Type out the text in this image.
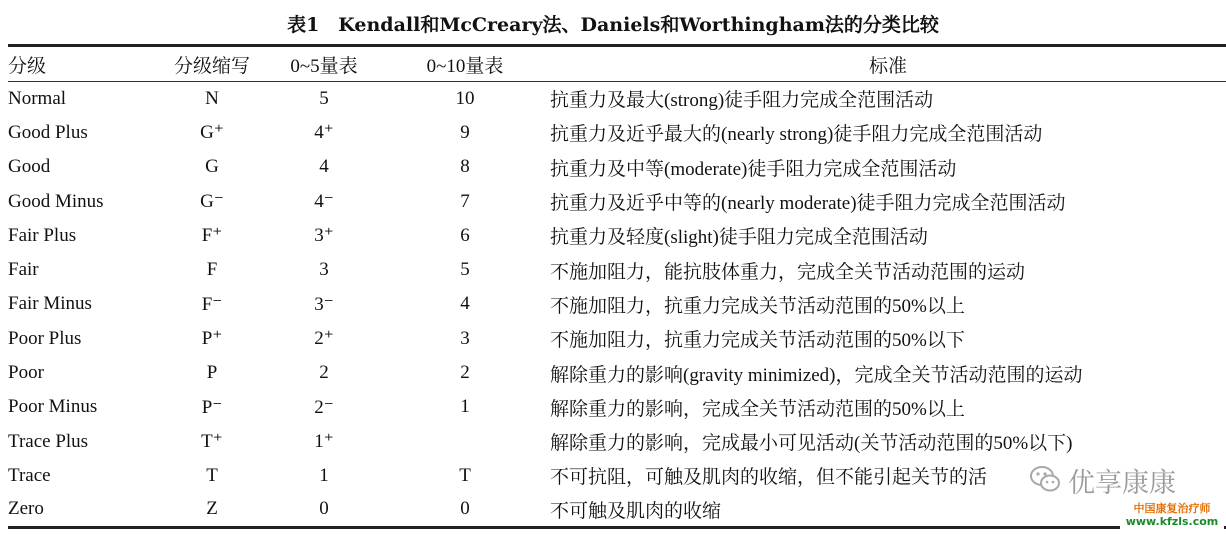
表1　Kendall和McCreary法、Daniels和Worthingham法的分类比较
分级	分级缩写	0~5量表	0~10量表	标准
Normal	N	5	10	抗重力及最大(strong)徒手阻力完成全范围活动
Good Plus	G⁺	4⁺	9	抗重力及近乎最大的(nearly strong)徒手阻力完成全范围活动
Good	G	4	8	抗重力及中等(moderate)徒手阻力完成全范围活动
Good Minus	G⁻	4⁻	7	抗重力及近乎中等的(nearly moderate)徒手阻力完成全范围活动
Fair Plus	F⁺	3⁺	6	抗重力及轻度(slight)徒手阻力完成全范围活动
Fair	F	3	5	不施加阻力，能抗肢体重力，完成全关节活动范围的运动
Fair Minus	F⁻	3⁻	4	不施加阻力，抗重力完成关节活动范围的50%以上
Poor Plus	P⁺	2⁺	3	不施加阻力，抗重力完成关节活动范围的50%以下
Poor	P	2	2	解除重力的影响(gravity minimized)，完成全关节活动范围的运动
Poor Minus	P⁻	2⁻	1	解除重力的影响，完成全关节活动范围的50%以上
Trace Plus	T⁺	1⁺		解除重力的影响，完成最小可见活动(关节活动范围的50%以下)
Trace	T	1	T	不可抗阻，可触及肌肉的收缩，但不能引起关节的活
Zero	Z	0	0	不可触及肌肉的收缩
优享康康
中国康复治疗师
www.kfzls.com
